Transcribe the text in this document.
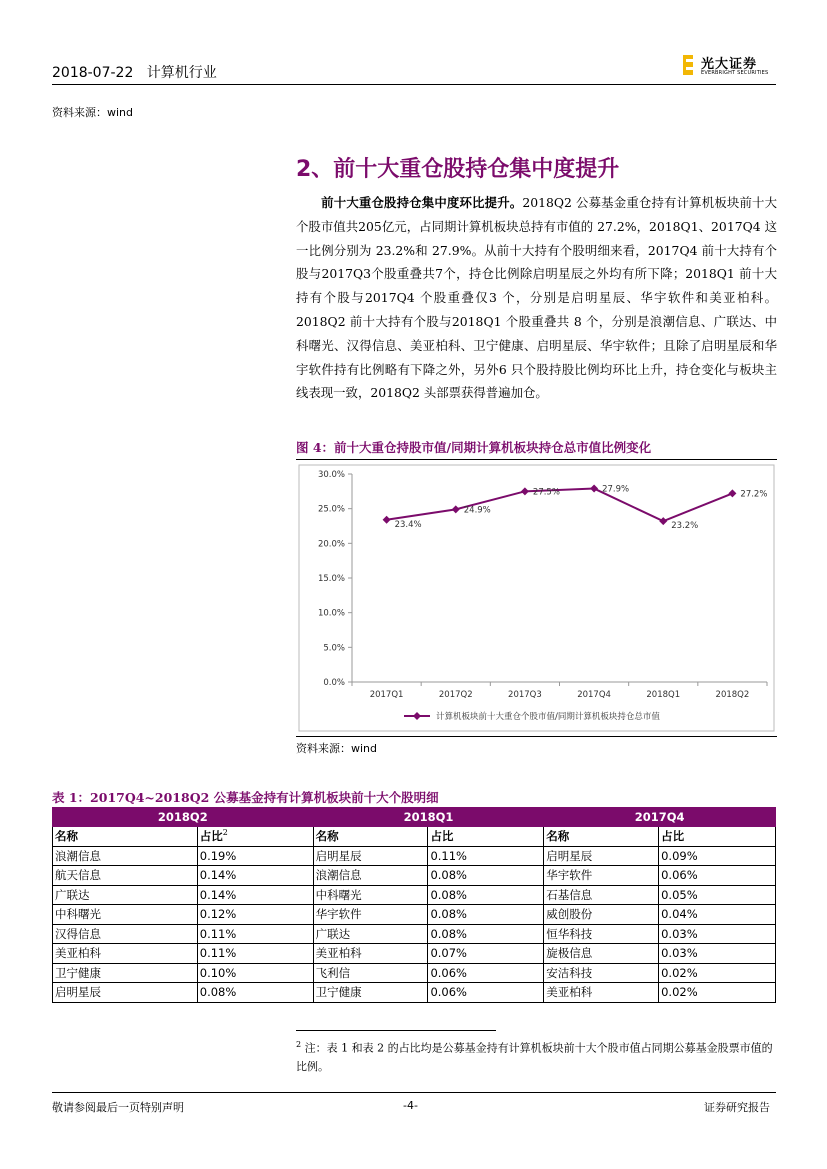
2018-07-22 计算机行业
光大证券
EVERBRIGHT SECURITIES
资料来源：wind
2、前十大重仓股持仓集中度提升
前十大重仓股持仓集中度环比提升。2018Q2 公募基金重仓持有计算机板块前十大个股市值共205亿元，占同期计算机板块总持有市值的 27.2%，2018Q1、2017Q4 这一比例分别为 23.2%和 27.9%。从前十大持有个股明细来看，2017Q4 前十大持有个股与2017Q3个股重叠共7个，持仓比例除启明星辰之外均有所下降；2018Q1 前十大持有个股与2017Q4 个股重叠仅3 个，分别是启明星辰、华宇软件和美亚柏科。2018Q2 前十大持有个股与2018Q1 个股重叠共 8 个，分别是浪潮信息、广联达、中科曙光、汉得信息、美亚柏科、卫宁健康、启明星辰、华宇软件；且除了启明星辰和华宇软件持有比例略有下降之外，另外6 只个股持股比例均环比上升，持仓变化与板块主线表现一致，2018Q2 头部票获得普遍加仓。
图 4：前十大重仓持股市值/同期计算机板块持仓总市值比例变化
0.0%
5.0%
10.0%
15.0%
20.0%
25.0%
30.0%
2017Q1	2017Q2	2017Q3	2017Q4	2018Q1	2018Q2
23.4%
24.9%
27.5%	27.9%
23.2%
27.2%
计算机板块前十大重仓个股市值/同期计算机板块持仓总市值
资料来源：wind
表 1：2017Q4~2018Q2 公募基金持有计算机板块前十大个股明细
2018Q2		2018Q1		2017Q4	
名称	占比$^2$	名称	占比	名称	占比
浪潮信息	0.19%	启明星辰	0.11%	启明星辰	0.09%
航天信息	0.14%	浪潮信息	0.08%	华宇软件	0.06%
广联达	0.14%	中科曙光	0.08%	石基信息	0.05%
中科曙光	0.12%	华宇软件	0.08%	威创股份	0.04%
汉得信息	0.11%	广联达	0.08%	恒华科技	0.03%
美亚柏科	0.11%	美亚柏科	0.07%	旋极信息	0.03%
卫宁健康	0.10%	飞利信	0.06%	安洁科技	0.02%
启明星辰	0.08%	卫宁健康	0.06%	美亚柏科	0.02%
$^2$ 注：表 1 和表 2 的占比均是公募基金持有计算机板块前十大个股市值占同期公募基金股票市值的比例。
敬请参阅最后一页特别声明	-4-	证券研究报告
